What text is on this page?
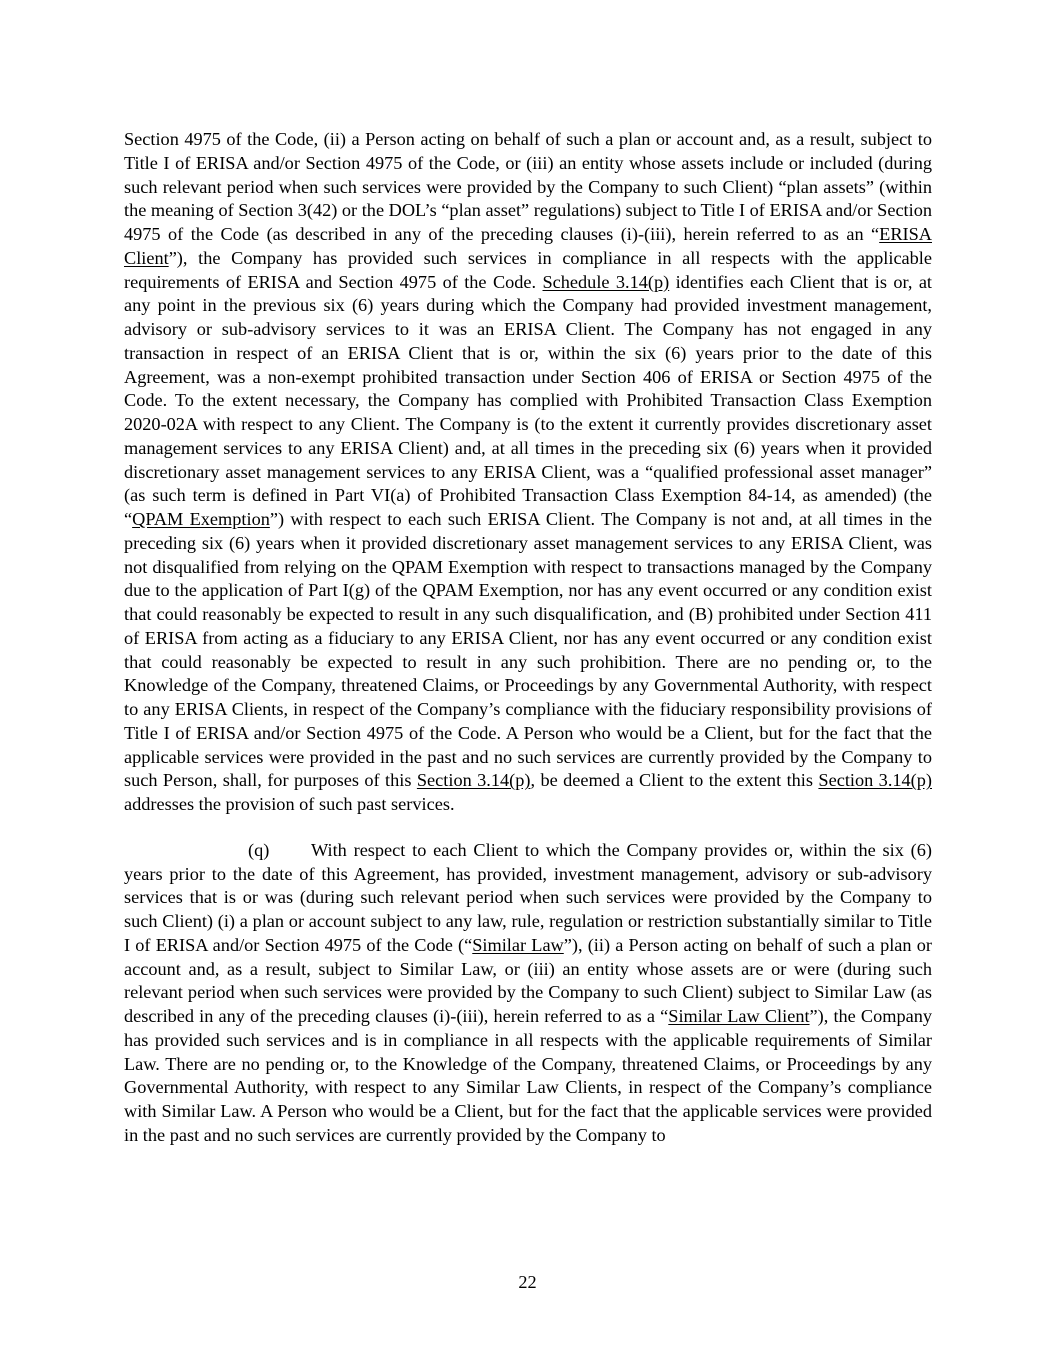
Section 4975 of the Code, (ii) a Person acting on behalf of such a plan or account and, as a result, subject to Title I of ERISA and/or Section 4975 of the Code, or (iii) an entity whose assets include or included (during such relevant period when such services were provided by the Company to such Client) “plan assets” (within the meaning of Section 3(42) or the DOL’s “plan asset” regulations) subject to Title I of ERISA and/or Section 4975 of the Code (as described in any of the preceding clauses (i)-(iii), herein referred to as an “ERISA Client”), the Company has provided such services in compliance in all respects with the applicable requirements of ERISA and Section 4975 of the Code. Schedule 3.14(p) identifies each Client that is or, at any point in the previous six (6) years during which the Company had provided investment management, advisory or sub-advisory services to it was an ERISA Client. The Company has not engaged in any transaction in respect of an ERISA Client that is or, within the six (6) years prior to the date of this Agreement, was a non-exempt prohibited transaction under Section 406 of ERISA or Section 4975 of the Code. To the extent necessary, the Company has complied with Prohibited Transaction Class Exemption 2020-02A with respect to any Client. The Company is (to the extent it currently provides discretionary asset management services to any ERISA Client) and, at all times in the preceding six (6) years when it provided discretionary asset management services to any ERISA Client, was a “qualified professional asset manager” (as such term is defined in Part VI(a) of Prohibited Transaction Class Exemption 84-14, as amended) (the “QPAM Exemption”) with respect to each such ERISA Client. The Company is not and, at all times in the preceding six (6) years when it provided discretionary asset management services to any ERISA Client, was not disqualified from relying on the QPAM Exemption with respect to transactions managed by the Company due to the application of Part I(g) of the QPAM Exemption, nor has any event occurred or any condition exist that could reasonably be expected to result in any such disqualification, and (B) prohibited under Section 411 of ERISA from acting as a fiduciary to any ERISA Client, nor has any event occurred or any condition exist that could reasonably be expected to result in any such prohibition. There are no pending or, to the Knowledge of the Company, threatened Claims, or Proceedings by any Governmental Authority, with respect to any ERISA Clients, in respect of the Company’s compliance with the fiduciary responsibility provisions of Title I of ERISA and/or Section 4975 of the Code. A Person who would be a Client, but for the fact that the applicable services were provided in the past and no such services are currently provided by the Company to such Person, shall, for purposes of this Section 3.14(p), be deemed a Client to the extent this Section 3.14(p) addresses the provision of such past services.

(q) With respect to each Client to which the Company provides or, within the six (6) years prior to the date of this Agreement, has provided, investment management, advisory or sub-advisory services that is or was (during such relevant period when such services were provided by the Company to such Client) (i) a plan or account subject to any law, rule, regulation or restriction substantially similar to Title I of ERISA and/or Section 4975 of the Code (“Similar Law”), (ii) a Person acting on behalf of such a plan or account and, as a result, subject to Similar Law, or (iii) an entity whose assets are or were (during such relevant period when such services were provided by the Company to such Client) subject to Similar Law (as described in any of the preceding clauses (i)-(iii), herein referred to as a “Similar Law Client”), the Company has provided such services and is in compliance in all respects with the applicable requirements of Similar Law. There are no pending or, to the Knowledge of the Company, threatened Claims, or Proceedings by any Governmental Authority, with respect to any Similar Law Clients, in respect of the Company’s compliance with Similar Law. A Person who would be a Client, but for the fact that the applicable services were provided in the past and no such services are currently provided by the Company to

22
